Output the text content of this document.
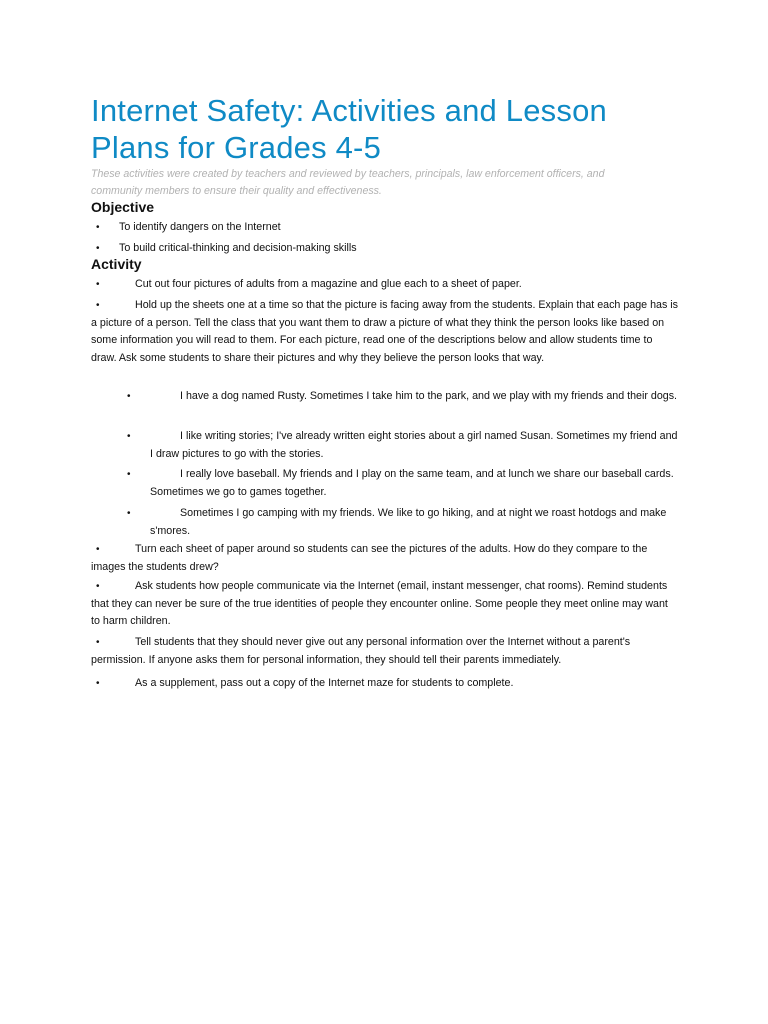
Internet Safety: Activities and Lesson Plans for Grades 4-5

These activities were created by teachers and reviewed by teachers, principals, law enforcement officers, and community members to ensure their quality and effectiveness.

Objective
•	To identify dangers on the Internet
•	To build critical-thinking and decision-making skills
Activity
•	Cut out four pictures of adults from a magazine and glue each to a sheet of paper.
•	Hold up the sheets one at a time so that the picture is facing away from the students. Explain that each page has is a picture of a person. Tell the class that you want them to draw a picture of what they think the person looks like based on some information you will read to them. For each picture, read one of the descriptions below and allow students time to draw. Ask some students to share their pictures and why they believe the person looks that way.
•	I have a dog named Rusty. Sometimes I take him to the park, and we play with my friends and their dogs.
•	I like writing stories; I've already written eight stories about a girl named Susan. Sometimes my friend and I draw pictures to go with the stories.
•	I really love baseball. My friends and I play on the same team, and at lunch we share our baseball cards. Sometimes we go to games together.
•	Sometimes I go camping with my friends. We like to go hiking, and at night we roast hotdogs and make s'mores.
•	Turn each sheet of paper around so students can see the pictures of the adults. How do they compare to the images the students drew?
•	Ask students how people communicate via the Internet (email, instant messenger, chat rooms). Remind students that they can never be sure of the true identities of people they encounter online. Some people they meet online may want to harm children.
•	Tell students that they should never give out any personal information over the Internet without a parent's permission. If anyone asks them for personal information, they should tell their parents immediately.
•	As a supplement, pass out a copy of the Internet maze for students to complete.
